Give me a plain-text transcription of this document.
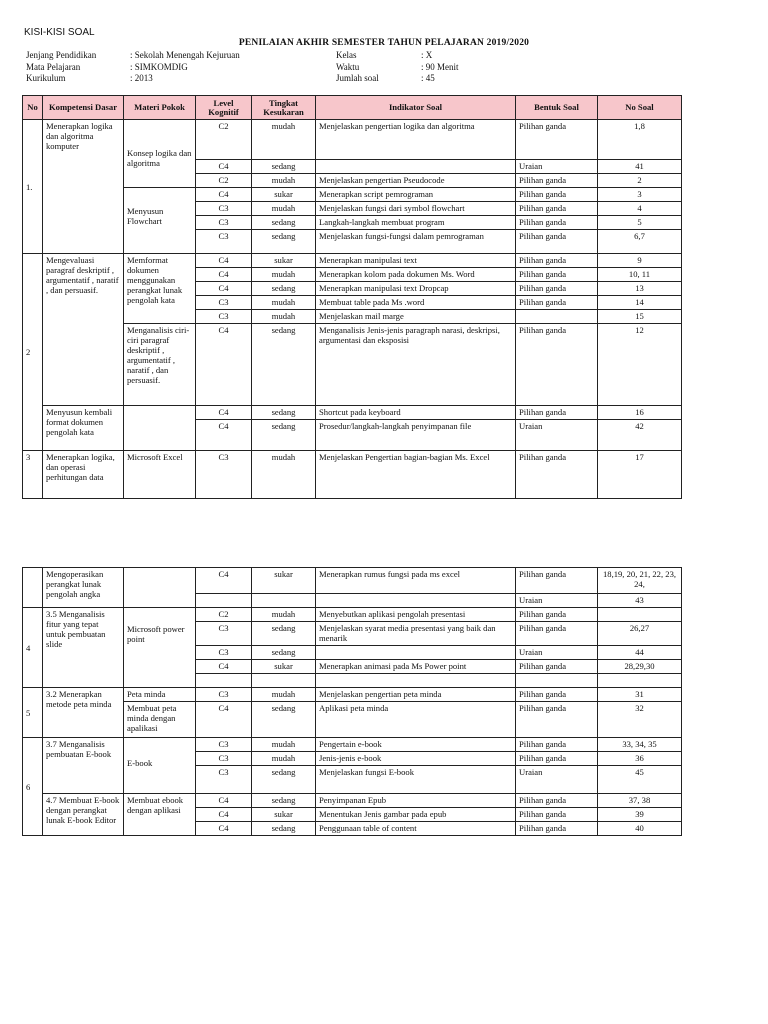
KISI-KISI SOAL
PENILAIAN AKHIR SEMESTER TAHUN PELAJARAN 2019/2020
Jenjang Pendidikan	: Sekolah Menengah Kejuruan
Mata Pelajaran	: SIMKOMDIG
Kurikulum	: 2013
Kelas	: X
Waktu	: 90 Menit
Jumlah soal	: 45
No	Kompetensi Dasar	Materi Pokok	Level Kognitif	Tingkat Kesukaran	Indikator Soal	Bentuk Soal	No Soal
1.	Menerapkan logika dan algoritma komputer	Konsep logika dan algoritma	C2	mudah	Menjelaskan pengertian logika dan algoritma	Pilihan ganda	1,8
			C4	sedang		Uraian	41
			C2	mudah	Menjelaskan pengertian Pseudocode	Pilihan ganda	2
		Menyusun Flowchart	C4	sukar	Menerapkan script pemrograman	Pilihan ganda	3
			C3	mudah	Menjelaskan fungsi dari symbol flowchart	Pilihan ganda	4
			C3	sedang	Langkah-langkah membuat program	Pilihan ganda	5
			C3	sedang	Menjelaskan fungsi-fungsi dalam pemrograman	Pilihan ganda	6,7
2	Mengevaluasi paragraf deskriptif , argumentatif , naratif , dan persuasif.	Memformat dokumen menggunakan perangkat lunak pengolah kata	C4	sukar	Menerapkan manipulasi text	Pilihan ganda	9
			C4	mudah	Menerapkan kolom pada dokumen Ms. Word	Pilihan ganda	10, 11
			C4	sedang	Menerapkan manipulasi text Dropcap	Pilihan ganda	13
			C3	mudah	Membuat table pada Ms .word	Pilihan ganda	14
			C3	mudah	Menjelaskan mail marge		15
		Menganalisis ciri-ciri paragraf deskriptif , argumentatif , naratif , dan persuasif.	C4	sedang	Menganalisis Jenis-jenis paragraph narasi, deskripsi, argumentasi dan eksposisi	Pilihan ganda	12
	Menyusun kembali format dokumen pengolah kata		C4	sedang	Shortcut pada keyboard	Pilihan ganda	16
			C4	sedang	Prosedur/langkah-langkah penyimpanan file	Uraian	42
3	Menerapkan logika, dan operasi perhitungan data	Microsoft Excel	C3	mudah	Menjelaskan Pengertian bagian-bagian Ms. Excel	Pilihan ganda	17
	Mengoperasikan perangkat lunak pengolah angka		C4	sukar	Menerapkan rumus fungsi pada ms excel	Pilihan ganda	18,19, 20, 21, 22, 23, 24,
						Uraian	43
4	3.5 Menganalisis fitur yang tepat untuk pembuatan slide	Microsoft power point	C2	mudah	Menyebutkan aplikasi pengolah presentasi	Pilihan ganda	
			C3	sedang	Menjelaskan syarat media presentasi yang baik dan menarik	Pilihan ganda	26,27
			C3	sedang		Uraian	44
			C4	sukar	Menerapkan animasi pada Ms Power point	Pilihan ganda	28,29,30

5	3.2 Menerapkan metode peta minda	Peta minda	C3	mudah	Menjelaskan pengertian peta minda	Pilihan ganda	31
		Membuat peta minda dengan apalikasi	C4	sedang	Aplikasi peta minda	Pilihan ganda	32
6	3.7 Menganalisis pembuatan E-book	E-book	C3	mudah	Pengertain e-book	Pilihan ganda	33, 34, 35
			C3	mudah	Jenis-jenis e-book	Pilihan ganda	36
			C3	sedang	Menjelaskan fungsi E-book	Uraian	45
	4.7 Membuat E-book dengan perangkat lunak E-book Editor	Membuat ebook dengan aplikasi	C4	sedang	Penyimpanan Epub	Pilihan ganda	37, 38
			C4	sukar	Menentukan Jenis gambar pada epub	Pilihan ganda	39
			C4	sedang	Penggunaan table of content	Pilihan ganda	40
